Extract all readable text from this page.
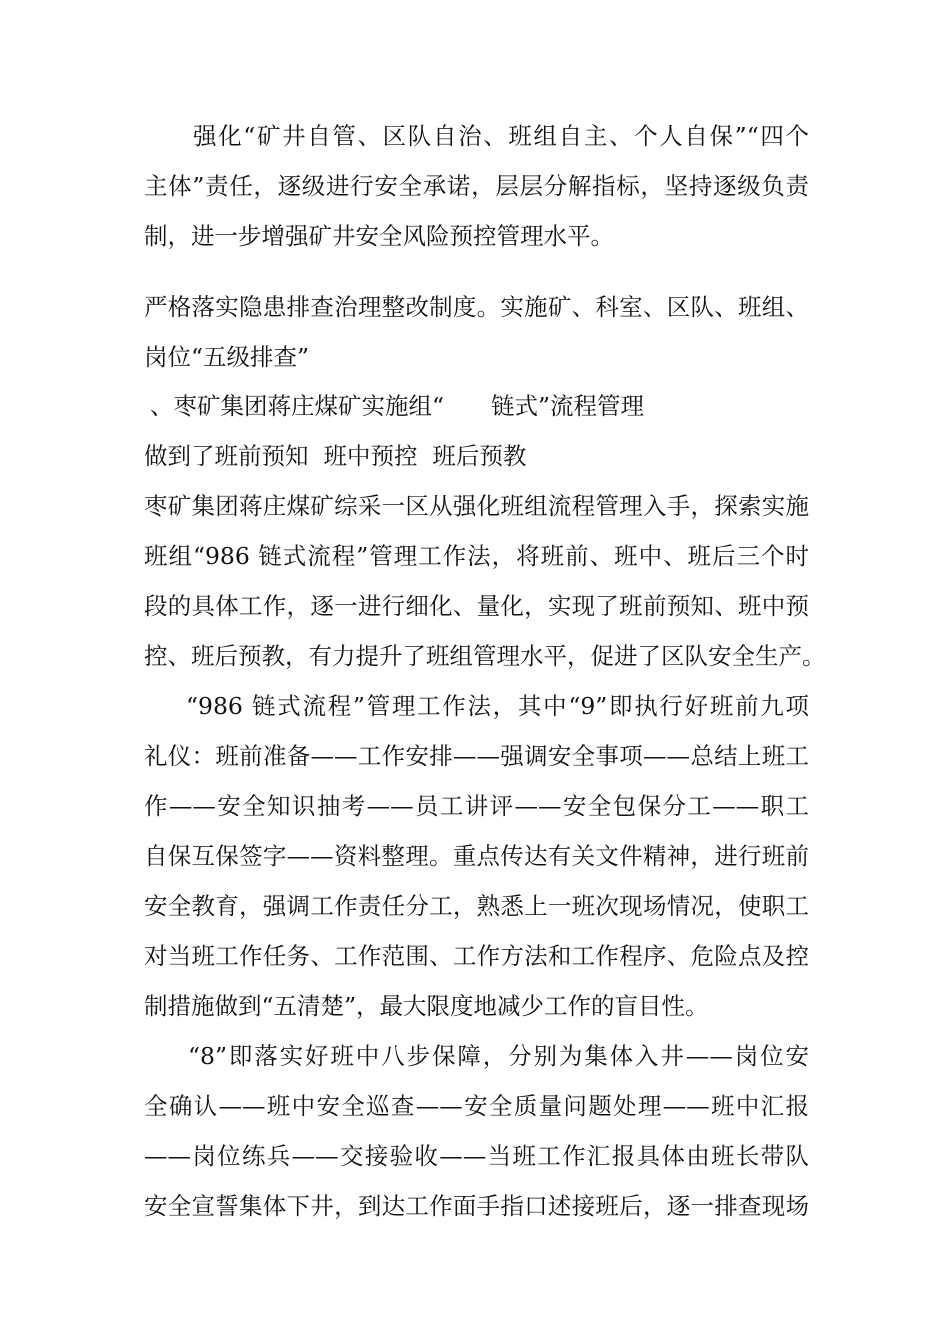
强化“矿井自管、区队自治、班组自主、个人自保”“四个
主体”责任，逐级进行安全承诺，层层分解指标，坚持逐级负责
制，进一步增强矿井安全风险预控管理水平。
严格落实隐患排查治理整改制度。实施矿、科室、区队、班组、
岗位“五级排查”
、枣矿集团蒋庄煤矿实施组“　　链式”流程管理
做到了班前预知  班中预控  班后预教
枣矿集团蒋庄煤矿综采一区从强化班组流程管理入手，探索实施
班组“986 链式流程”管理工作法，将班前、班中、班后三个时
段的具体工作，逐一进行细化、量化，实现了班前预知、班中预
控、班后预教，有力提升了班组管理水平，促进了区队安全生产。
“986 链式流程”管理工作法，其中“9”即执行好班前九项
礼仪：班前准备——工作安排——强调安全事项——总结上班工
作——安全知识抽考——员工讲评——安全包保分工——职工
自保互保签字——资料整理。重点传达有关文件精神，进行班前
安全教育，强调工作责任分工，熟悉上一班次现场情况，使职工
对当班工作任务、工作范围、工作方法和工作程序、危险点及控
制措施做到“五清楚”，最大限度地减少工作的盲目性。
“8”即落实好班中八步保障，分别为集体入井——岗位安
全确认——班中安全巡查——安全质量问题处理——班中汇报
——岗位练兵——交接验收——当班工作汇报具体由班长带队
安全宣誓集体下井，到达工作面手指口述接班后，逐一排查现场
